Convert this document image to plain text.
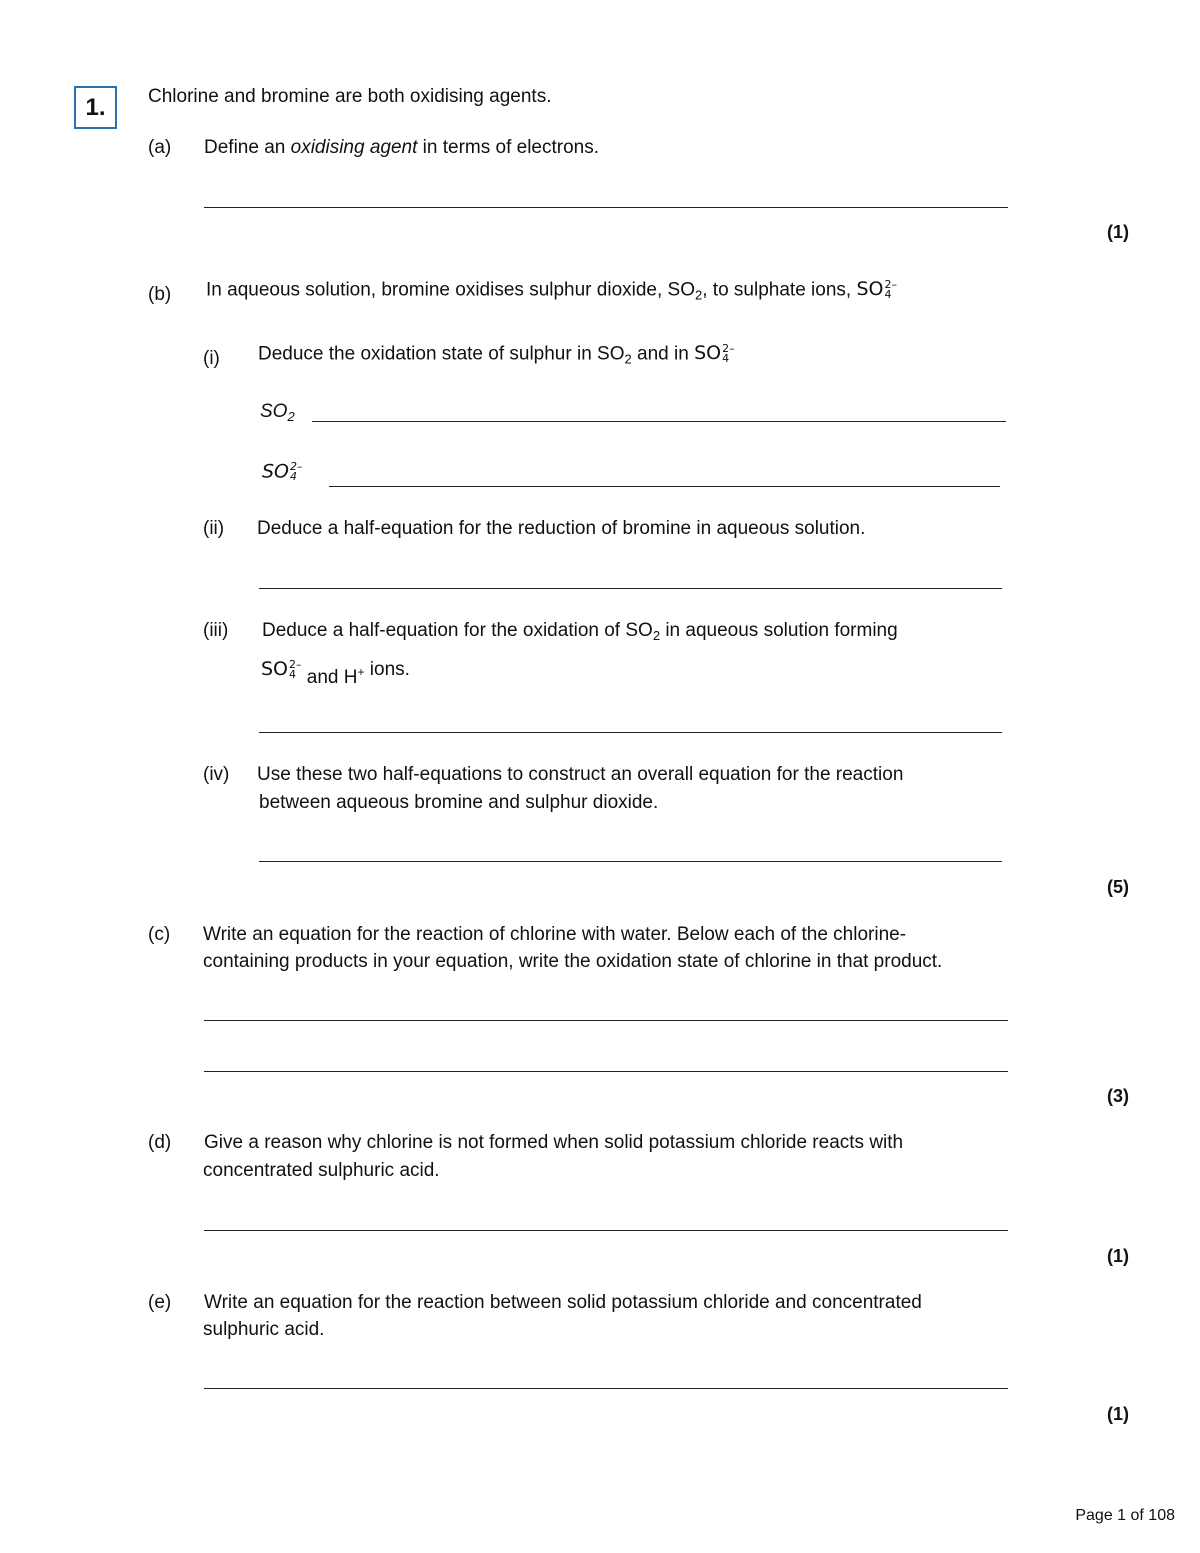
1. Chlorine and bromine are both oxidising agents.
(a) Define an oxidising agent in terms of electrons.
(1)
(b) In aqueous solution, bromine oxidises sulphur dioxide, $SO_2$, to sulphate ions, SO 2–
4
(i) Deduce the oxidation state of sulphur in $SO_2$ and in SO 2–
4
$SO_2$
SO 2–
4
(ii) Deduce a half-equation for the reduction of bromine in aqueous solution.
(iii) Deduce a half-equation for the oxidation of $SO_2$ in aqueous solution forming
SO 2–
4 and H+ ions.
(iv) Use these two half-equations to construct an overall equation for the reaction
between aqueous bromine and sulphur dioxide.
(5)
(c) Write an equation for the reaction of chlorine with water. Below each of the chlorine-
containing products in your equation, write the oxidation state of chlorine in that product.
(3)
(d) Give a reason why chlorine is not formed when solid potassium chloride reacts with
concentrated sulphuric acid.
(1)
(e) Write an equation for the reaction between solid potassium chloride and concentrated
sulphuric acid.
(1)
Page 1 of 108
